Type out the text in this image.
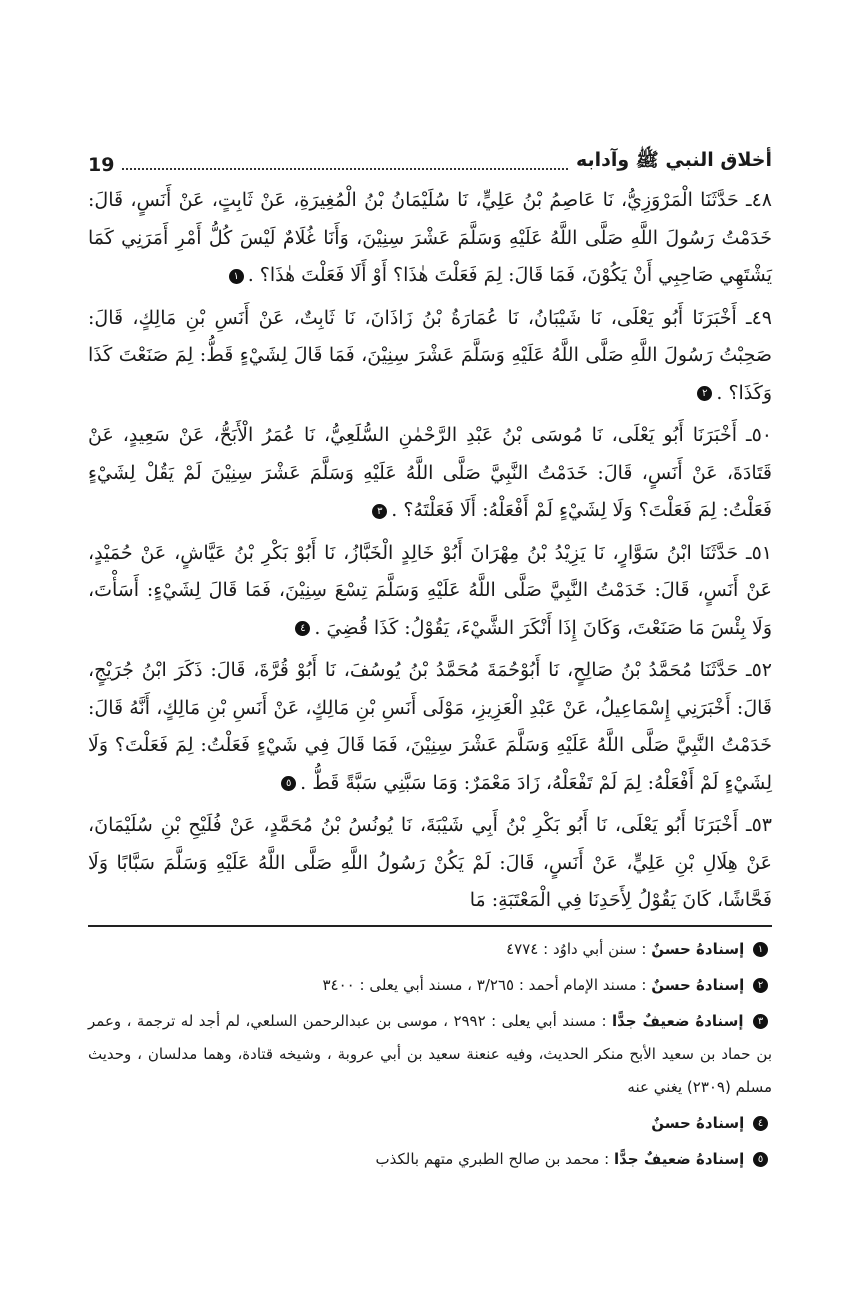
أخلاق النبي ﷺ وآدابه
19

٤٨ـ حَدَّثَنَا الْمَرْوَزِيُّ، نَا عَاصِمُ بْنُ عَلِيٍّ، نَا سُلَيْمَانُ بْنُ الْمُغِيرَةِ، عَنْ ثَابِتٍ، عَنْ أَنَسٍ، قَالَ: خَدَمْتُ رَسُولَ اللَّهِ صَلَّى اللَّهُ عَلَيْهِ وَسَلَّمَ عَشْرَ سِنِيْنَ، وَأَنَا غُلَامٌ لَيْسَ كُلُّ أَمْرِ أَمَرَنِي كَمَا يَشْتَهِي صَاحِبِي أَنْ يَكُوْنَ، فَمَا قَالَ: لِمَ فَعَلْتَ هٰذَا؟ أَوْ أَلَا فَعَلْتَ هٰذَا؟ .١

٤٩ـ أَخْبَرَنَا أَبُو يَعْلَى، نَا شَيْبَانُ، نَا عُمَارَةُ بْنُ زَاذَانَ، نَا ثَابِتٌ، عَنْ أَنَسِ بْنِ مَالِكٍ، قَالَ: صَحِبْتُ رَسُولَ اللَّهِ صَلَّى اللَّهُ عَلَيْهِ وَسَلَّمَ عَشْرَ سِنِيْنَ، فَمَا قَالَ لِشَيْءٍ قَطُّ: لِمَ صَنَعْتَ كَذَا وَكَذَا؟ .٢

٥٠ـ أَخْبَرَنَا أَبُو يَعْلَى، نَا مُوسَى بْنُ عَبْدِ الرَّحْمٰنِ السُّلَعِيُّ، نَا عُمَرُ الْأَبَحُّ، عَنْ سَعِيدٍ، عَنْ قَتَادَةَ، عَنْ أَنَسٍ، قَالَ: خَدَمْتُ النَّبِيَّ صَلَّى اللَّهُ عَلَيْهِ وَسَلَّمَ عَشْرَ سِنِيْنَ لَمْ يَقُلْ لِشَيْءٍ فَعَلْتُ: لِمَ فَعَلْتَ؟ وَلَا لِشَيْءٍ لَمْ أَفْعَلْهُ: أَلَا فَعَلْتَهُ؟ .٣

٥١ـ حَدَّثَنَا ابْنُ سَوَّارٍ، نَا يَزِيْدُ بْنُ مِهْرَانَ أَبُوْ خَالِدٍ الْخَبَّازُ، نَا أَبُوْ بَكْرِ بْنُ عَيَّاشٍ، عَنْ حُمَيْدٍ، عَنْ أَنَسٍ، قَالَ: خَدَمْتُ النَّبِيَّ صَلَّى اللَّهُ عَلَيْهِ وَسَلَّمَ تِسْعَ سِنِيْنَ، فَمَا قَالَ لِشَيْءٍ: أَسَأْتَ، وَلَا بِئْسَ مَا صَنَعْتَ، وَكَانَ إِذَا أَنْكَرَ الشَّيْءَ، يَقُوْلُ: كَذَا قُضِيَ .٤

٥٢ـ حَدَّثَنَا مُحَمَّدُ بْنُ صَالِحٍ، نَا أَبُوْحُمَةَ مُحَمَّدُ بْنُ يُوسُفَ، نَا أَبُوْ قُرَّةَ، قَالَ: ذَكَرَ ابْنُ جُرَيْجٍ، قَالَ: أَخْبَرَنِي إِسْمَاعِيلُ، عَنْ عَبْدِ الْعَزِيزِ، مَوْلَى أَنَسِ بْنِ مَالِكٍ، عَنْ أَنَسِ بْنِ مَالِكٍ، أَنَّهُ قَالَ: خَدَمْتُ النَّبِيَّ صَلَّى اللَّهُ عَلَيْهِ وَسَلَّمَ عَشْرَ سِنِيْنَ، فَمَا قَالَ فِي شَيْءٍ فَعَلْتُ: لِمَ فَعَلْتَ؟ وَلَا لِشَيْءٍ لَمْ أَفْعَلْهُ: لِمَ لَمْ تَفْعَلْهُ، زَادَ مَعْمَرٌ: وَمَا سَبَّنِي سَبَّةً قَطُّ .٥

٥٣ـ أَخْبَرَنَا أَبُو يَعْلَى، نَا أَبُو بَكْرِ بْنُ أَبِي شَيْبَةَ، نَا يُونُسُ بْنُ مُحَمَّدٍ، عَنْ فُلَيْحِ بْنِ سُلَيْمَانَ، عَنْ هِلَالِ بْنِ عَلِيٍّ، عَنْ أَنَسٍ، قَالَ: لَمْ يَكُنْ رَسُولُ اللَّهِ صَلَّى اللَّهُ عَلَيْهِ وَسَلَّمَ سَبَّابًا وَلَا فَحَّاشًا، كَانَ يَقُوْلُ لِأَحَدِنَا فِي الْمَعْتَبَةِ: مَا

١ إسنادهُ حسنٌ : سنن أبي داوُد : ٤٧٧٤

٢ إسنادهُ حسنٌ : مسند الإمام أحمد : ٣/٢٦٥ ، مسند أبي يعلى : ٣٤٠٠

٣ إسنادهُ ضعيفٌ جدًّا : مسند أبي يعلى : ٢٩٩٢ ، موسى بن عبدالرحمن السلعي، لم أجد له ترجمة ، وعمر بن حماد بن سعيد الأبح منكر الحديث، وفيه عنعنة سعيد بن أبي عروبة ، وشيخه قتادة، وهما مدلسان ، وحديث مسلم (٢٣٠٩) يغني عنه

٤ إسنادهُ حسنٌ

٥ إسنادهُ ضعيفٌ جدًّا : محمد بن صالح الطبري متهم بالكذب
